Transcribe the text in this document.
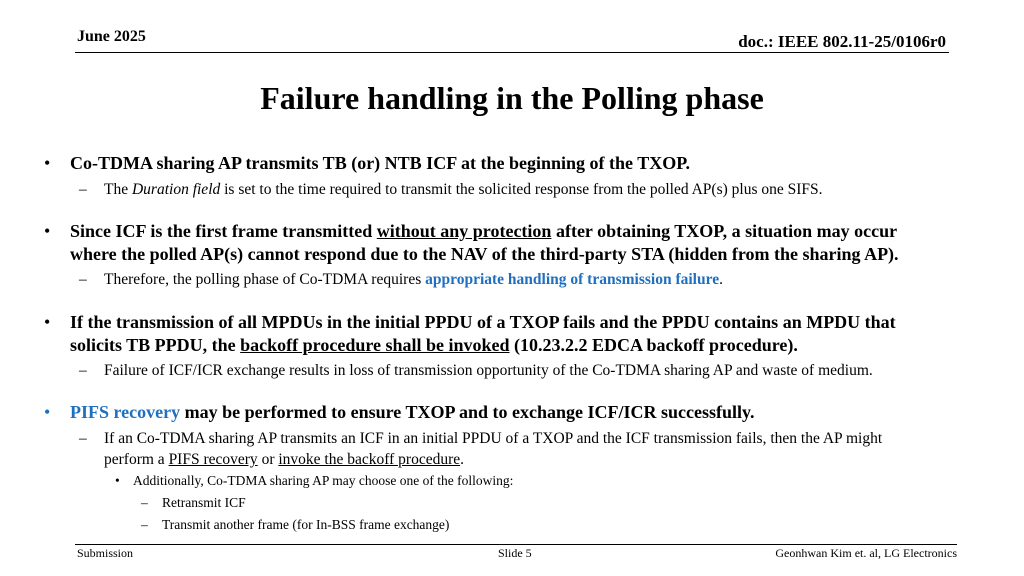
June 2025	doc.: IEEE 802.11-25/0106r0
Failure handling in the Polling phase
• Co-TDMA sharing AP transmits TB (or) NTB ICF at the beginning of the TXOP.
– The Duration field is set to the time required to transmit the solicited response from the polled AP(s) plus one SIFS.
• Since ICF is the first frame transmitted without any protection after obtaining TXOP, a situation may occur
where the polled AP(s) cannot respond due to the NAV of the third-party STA (hidden from the sharing AP).
– Therefore, the polling phase of Co-TDMA requires appropriate handling of transmission failure.
• If the transmission of all MPDUs in the initial PPDU of a TXOP fails and the PPDU contains an MPDU that
solicits TB PPDU, the backoff procedure shall be invoked (10.23.2.2 EDCA backoff procedure).
– Failure of ICF/ICR exchange results in loss of transmission opportunity of the Co-TDMA sharing AP and waste of medium.
• PIFS recovery may be performed to ensure TXOP and to exchange ICF/ICR successfully.
– If an Co-TDMA sharing AP transmits an ICF in an initial PPDU of a TXOP and the ICF transmission fails, then the AP might
perform a PIFS recovery or invoke the backoff procedure.
• Additionally, Co-TDMA sharing AP may choose one of the following:
– Retransmit ICF
– Transmit another frame (for In-BSS frame exchange)
Submission	Slide 5	Geonhwan Kim et. al, LG Electronics
